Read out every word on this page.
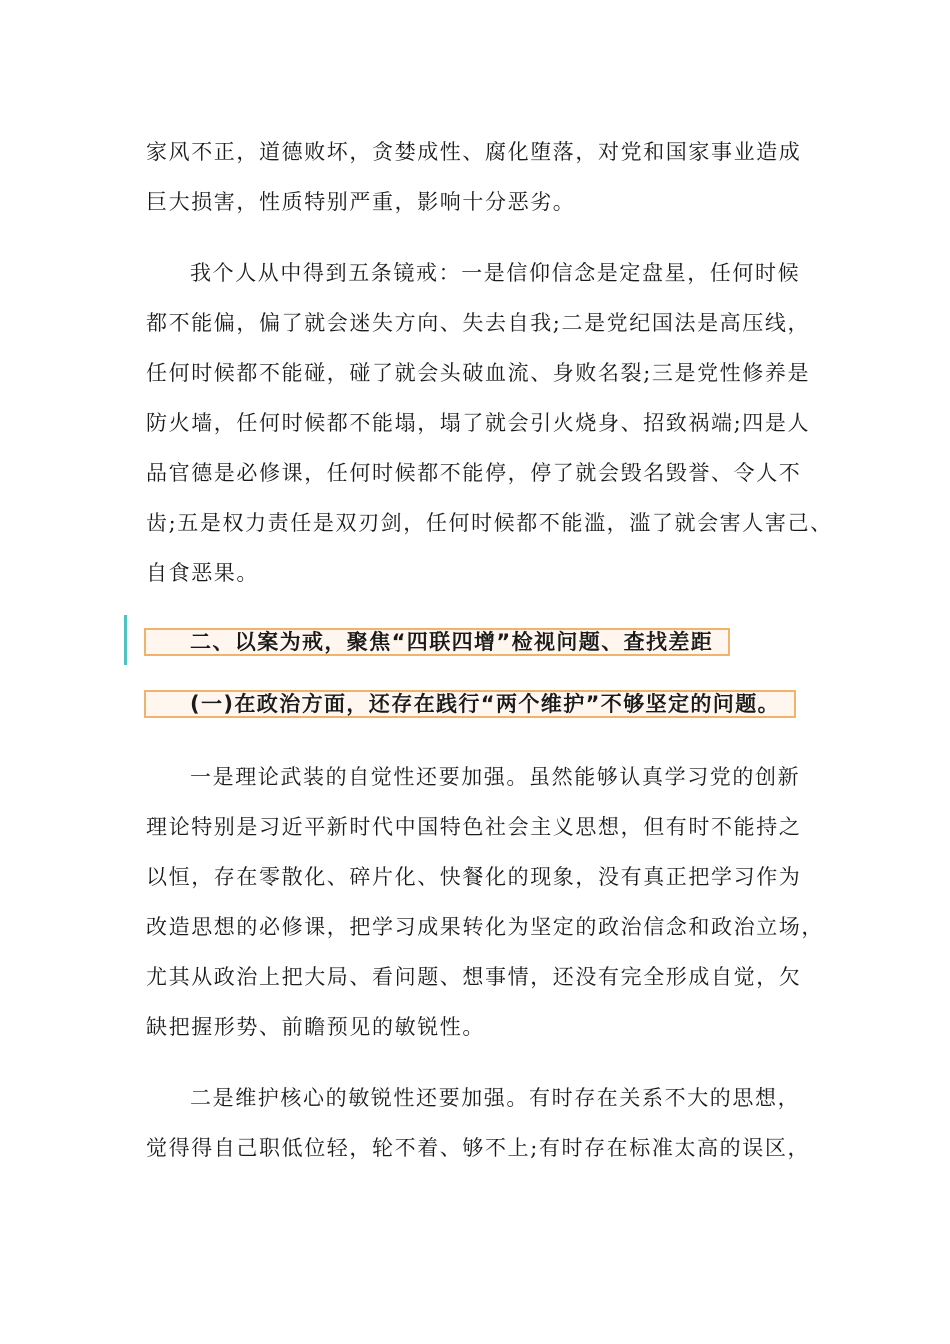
家风不正，道德败坏，贪婪成性、腐化堕落，对党和国家事业造成
巨大损害，性质特别严重，影响十分恶劣。
我个人从中得到五条镜戒：一是信仰信念是定盘星，任何时候
都不能偏，偏了就会迷失方向、失去自我;二是党纪国法是高压线，
任何时候都不能碰，碰了就会头破血流、身败名裂;三是党性修养是
防火墙，任何时候都不能塌，塌了就会引火烧身、招致祸端;四是人
品官德是必修课，任何时候都不能停，停了就会毁名毁誉、令人不
齿;五是权力责任是双刃剑，任何时候都不能滥，滥了就会害人害己、
自食恶果。
二、以案为戒，聚焦“四联四增”检视问题、查找差距
(一)在政治方面，还存在践行“两个维护”不够坚定的问题。
一是理论武装的自觉性还要加强。虽然能够认真学习党的创新
理论特别是习近平新时代中国特色社会主义思想，但有时不能持之
以恒，存在零散化、碎片化、快餐化的现象，没有真正把学习作为
改造思想的必修课，把学习成果转化为坚定的政治信念和政治立场，
尤其从政治上把大局、看问题、想事情，还没有完全形成自觉，欠
缺把握形势、前瞻预见的敏锐性。
二是维护核心的敏锐性还要加强。有时存在关系不大的思想，
觉得得自己职低位轻，轮不着、够不上;有时存在标准太高的误区，
